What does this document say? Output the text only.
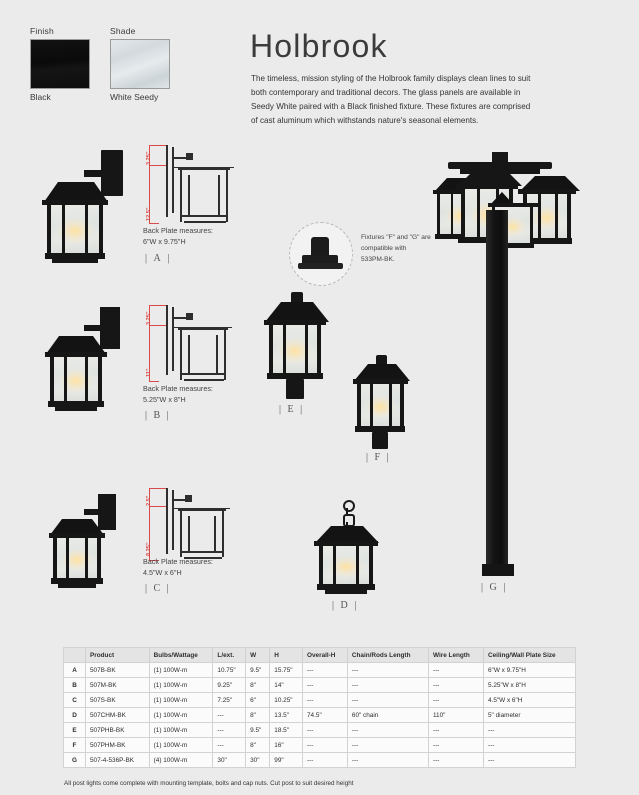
Finish
Black
Shade
White Seedy
Holbrook
The timeless, mission styling of the Holbrook family displays clean lines to suit both contemporary and traditional decors. The glass panels are available in Seedy White paired with a Black finished fixture. These fixtures are comprised of cast aluminum which withstands nature's seasonal elements.
3.25"
12.5"
Back Plate measures:
6"W x 9.75"H
| A |
3.25"
11"
Back Plate measures:
5.25"W x 8"H
| B |
2.5"
8.25"
Back Plate measures:
4.5"W x 6"H
| C |
Fixtures "F" and "G" are compatible with 533PM-BK.
| E |
| F |
| D |
| G |
	Product	Bulbs/Wattage	L/ext.	W	H	Overall-H	Chain/Rods Length	Wire Length	Ceiling/Wall Plate Size
A	507B-BK	(1) 100W-m	10.75"	9.5"	15.75"	---	---	---	6"W x 9.75"H
B	507M-BK	(1) 100W-m	9.25"	8"	14"	---	---	---	5.25"W x 8"H
C	507S-BK	(1) 100W-m	7.25"	6"	10.25"	---	---	---	4.5"W x 6"H
D	507CHM-BK	(1) 100W-m	---	8"	13.5"	74.5"	60" chain	110"	5" diameter
E	507PHB-BK	(1) 100W-m	---	9.5"	18.5"	---	---	---	---
F	507PHM-BK	(1) 100W-m	---	8"	16"	---	---	---	---
G	507-4-536P-BK	(4) 100W-m	30"	30"	99"	---	---	---	---
All post lights come complete with mounting template, bolts and cap nuts. Cut post to suit desired height
